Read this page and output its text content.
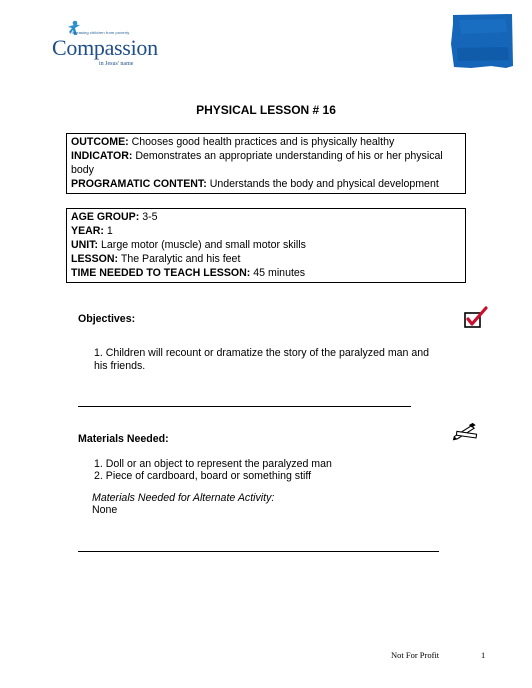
Releasing children from poverty
Compassion
in Jesus' name
PHYSICAL LESSON # 16
OUTCOME: Chooses good health practices and is physically healthy
INDICATOR: Demonstrates an appropriate understanding of his or her physical body
PROGRAMATIC CONTENT: Understands the body and physical development
AGE GROUP: 3-5
YEAR: 1
UNIT: Large motor (muscle) and small motor skills
LESSON: The Paralytic and his feet
TIME NEEDED TO TEACH LESSON: 45 minutes
Objectives:
1. Children will recount or dramatize the story of the paralyzed man and his friends.
Materials Needed:
1. Doll or an object to represent the paralyzed man
2. Piece of cardboard, board or something stiff
Materials Needed for Alternate Activity:
None
Not For Profit	1
